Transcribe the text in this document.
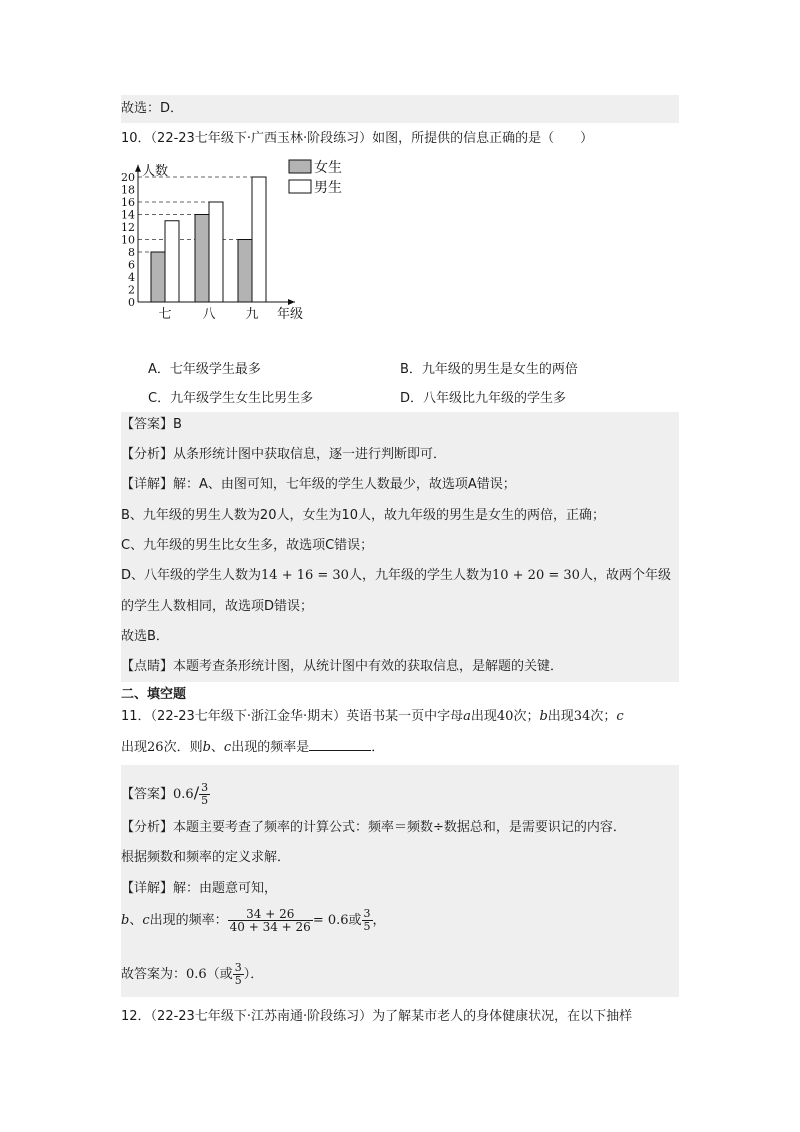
故选：D．
10．（22-23七年级下·广西玉林·阶段练习）如图，所提供的信息正确的是（　　）
0
2
4
6
8
10
12
14
16
18
20
七 八 九
人数
年级
女生
男生
A．七年级学生最多	B．九年级的男生是女生的两倍
C．九年级学生女生比男生多	D．八年级比九年级的学生多
【答案】B
【分析】从条形统计图中获取信息，逐一进行判断即可．
【详解】解：A、由图可知，七年级的学生人数最少，故选项A错误；
B、九年级的男生人数为20人，女生为10人，故九年级的男生是女生的两倍，正确；
C、九年级的男生比女生多，故选项C错误；
D、八年级的学生人数为14 + 16 = 30人，九年级的学生人数为10 + 20 = 30人，故两个年级
的学生人数相同，故选项D错误；
故选B．
【点睛】本题考查条形统计图，从统计图中有效的获取信息，是解题的关键．
二、填空题
11．（22-23七年级下·浙江金华·期末）英语书某一页中字母a出现40次；b出现34次；c
出现26次．则b、c出现的频率是	．
【答案】$0.6/ \frac{3}{5}$
【分析】本题主要考查了频率的计算公式：频率＝频数÷数据总和，是需要识记的内容．
根据频数和频率的定义求解．
【详解】解：由题意可知，
b、c出现的频率： $\frac{34 + 26}{40 + 34 + 26} = 0.6$或 $\frac{3}{5}$ ，
故答案为：0.6（或 $\frac{3}{5}$ ）．
12．（22-23七年级下·江苏南通·阶段练习）为了解某市老人的身体健康状况，在以下抽样
